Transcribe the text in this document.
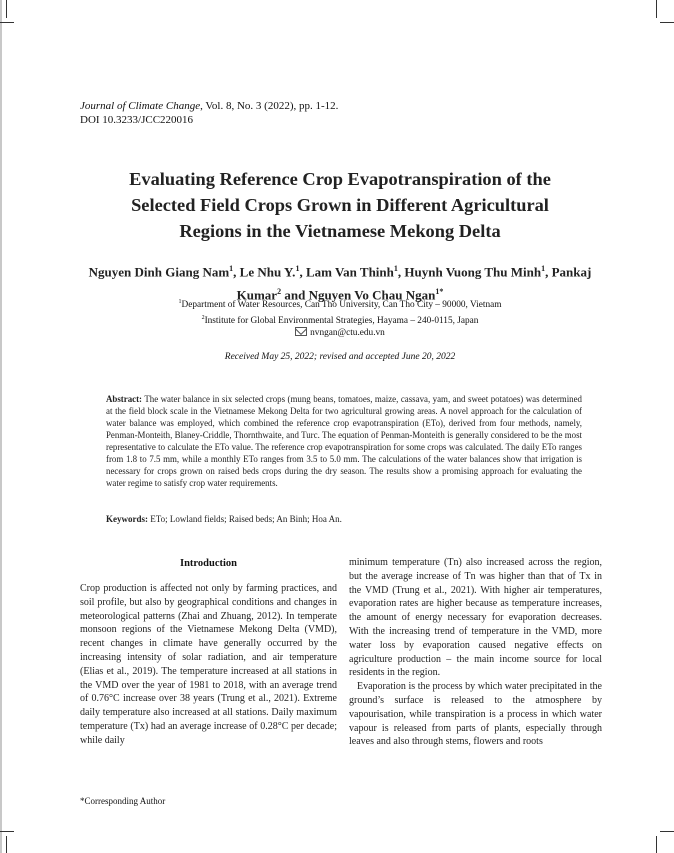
Journal of Climate Change, Vol. 8, No. 3 (2022), pp. 1-12.
DOI 10.3233/JCC220016
Evaluating Reference Crop Evapotranspiration of the
Selected Field Crops Grown in Different Agricultural
Regions in the Vietnamese Mekong Delta
Nguyen Dinh Giang Nam$^1$, Le Nhu Y.$^1$, Lam Van Thinh$^1$, Huynh Vuong Thu Minh$^1$, Pankaj Kumar$^2$ and Nguyen Vo Chau Ngan$^{1*}$
$^1$Department of Water Resources, Can Tho University, Can Tho City – 90000, Vietnam
$^2$Institute for Global Environmental Strategies, Hayama – 240-0115, Japan
nvngan@ctu.edu.vn
Received May 25, 2022; revised and accepted June 20, 2022
Abstract: The water balance in six selected crops (mung beans, tomatoes, maize, cassava, yam, and sweet potatoes) was determined at the field block scale in the Vietnamese Mekong Delta for two agricultural growing areas. A novel approach for the calculation of water balance was employed, which combined the reference crop evapotranspiration (ETo), derived from four methods, namely, Penman-Monteith, Blaney-Criddle, Thornthwaite, and Turc. The equation of Penman-Monteith is generally considered to be the most representative to calculate the ETo value. The reference crop evapotranspiration for some crops was calculated. The daily ETo ranges from 1.8 to 7.5 mm, while a monthly ETo ranges from 3.5 to 5.0 mm. The calculations of the water balances show that irrigation is necessary for crops grown on raised beds crops during the dry season. The results show a promising approach for evaluating the water regime to satisfy crop water requirements.
Keywords: ETo; Lowland fields; Raised beds; An Binh; Hoa An.
Introduction
Crop production is affected not only by farming practices, and soil profile, but also by geographical conditions and changes in meteorological patterns (Zhai and Zhuang, 2012). In temperate monsoon regions of the Vietnamese Mekong Delta (VMD), recent changes in climate have generally occurred by the increasing intensity of solar radiation, and air temperature (Elias et al., 2019). The temperature increased at all stations in the VMD over the year of 1981 to 2018, with an average trend of 0.76°C increase over 38 years (Trung et al., 2021). Extreme daily temperature also increased at all stations. Daily maximum temperature (Tx) had an average increase of 0.28°C per decade; while daily
minimum temperature (Tn) also increased across the region, but the average increase of Tn was higher than that of Tx in the VMD (Trung et al., 2021). With higher air temperatures, evaporation rates are higher because as temperature increases, the amount of energy necessary for evaporation decreases. With the increasing trend of temperature in the VMD, more water loss by evaporation caused negative effects on agriculture production – the main income source for local residents in the region.
Evaporation is the process by which water precipitated in the ground’s surface is released to the atmosphere by vapourisation, while transpiration is a process in which water vapour is released from parts of plants, especially through leaves and also through stems, flowers and roots
*Corresponding Author
